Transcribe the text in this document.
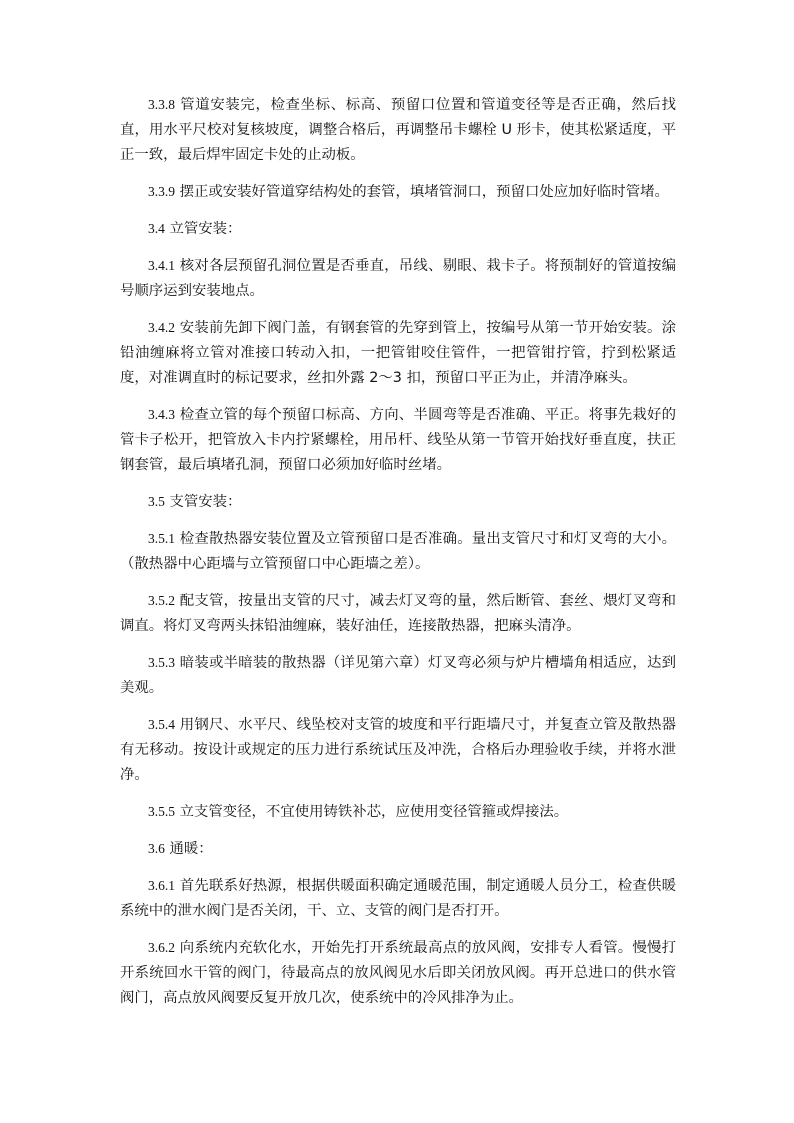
3.3.8 管道安装完，检查坐标、标高、预留口位置和管道变径等是否正确，然后找直，用水平尺校对复核坡度，调整合格后，再调整吊卡螺栓 U 形卡，使其松紧适度，平正一致，最后焊牢固定卡处的止动板。

3.3.9 摆正或安装好管道穿结构处的套管，填堵管洞口，预留口处应加好临时管堵。

3.4 立管安装：

3.4.1 核对各层预留孔洞位置是否垂直，吊线、剔眼、栽卡子。将预制好的管道按编号顺序运到安装地点。

3.4.2 安装前先卸下阀门盖，有钢套管的先穿到管上，按编号从第一节开始安装。涂铅油缠麻将立管对准接口转动入扣，一把管钳咬住管件，一把管钳拧管，拧到松紧适度，对准调直时的标记要求，丝扣外露 2～3 扣，预留口平正为止，并清净麻头。

3.4.3 检查立管的每个预留口标高、方向、半圆弯等是否准确、平正。将事先栽好的管卡子松开，把管放入卡内拧紧螺栓，用吊杆、线坠从第一节管开始找好垂直度，扶正钢套管，最后填堵孔洞，预留口必须加好临时丝堵。

3.5 支管安装：

3.5.1 检查散热器安装位置及立管预留口是否准确。量出支管尺寸和灯叉弯的大小。（散热器中心距墙与立管预留口中心距墙之差）。

3.5.2 配支管，按量出支管的尺寸，减去灯叉弯的量，然后断管、套丝、煨灯叉弯和调直。将灯叉弯两头抹铅油缠麻，装好油任，连接散热器，把麻头清净。

3.5.3 暗装或半暗装的散热器（详见第六章）灯叉弯必须与炉片槽墙角相适应，达到美观。

3.5.4 用钢尺、水平尺、线坠校对支管的坡度和平行距墙尺寸，并复查立管及散热器有无移动。按设计或规定的压力进行系统试压及冲洗，合格后办理验收手续，并将水泄净。

3.5.5 立支管变径，不宜使用铸铁补芯，应使用变径管箍或焊接法。

3.6 通暖：

3.6.1 首先联系好热源，根据供暖面积确定通暖范围，制定通暖人员分工，检查供暖系统中的泄水阀门是否关闭，干、立、支管的阀门是否打开。

3.6.2 向系统内充软化水，开始先打开系统最高点的放风阀，安排专人看管。慢慢打开系统回水干管的阀门，待最高点的放风阀见水后即关闭放风阀。再开总进口的供水管阀门，高点放风阀要反复开放几次，使系统中的冷风排净为止。
